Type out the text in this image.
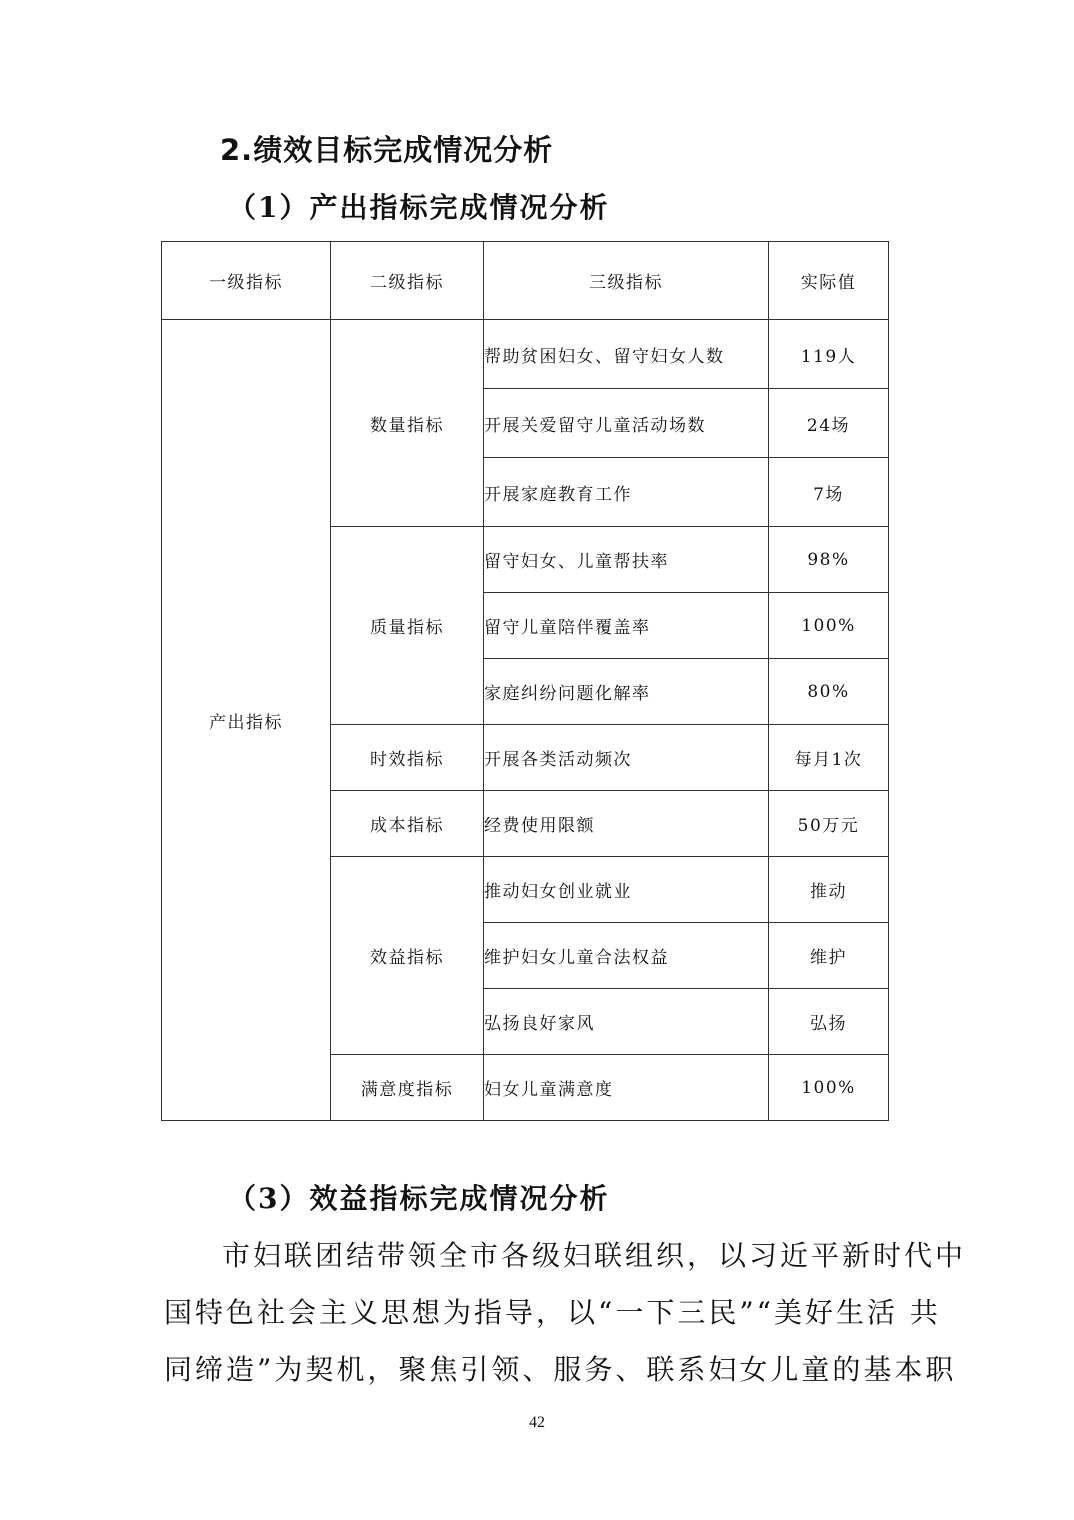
2.绩效目标完成情况分析
（1）产出指标完成情况分析
一级指标	二级指标	三级指标	实际值
产出指标	数量指标	帮助贫困妇女、留守妇女人数	119人
		开展关爱留守儿童活动场数	24场
		开展家庭教育工作	7场
	质量指标	留守妇女、儿童帮扶率	98%
		留守儿童陪伴覆盖率	100%
		家庭纠纷问题化解率	80%
	时效指标	开展各类活动频次	每月1次
	成本指标	经费使用限额	50万元
	效益指标	推动妇女创业就业	推动
		维护妇女儿童合法权益	维护
		弘扬良好家风	弘扬
	满意度指标	妇女儿童满意度	100%
（3）效益指标完成情况分析

市妇联团结带领全市各级妇联组织，以习近平新时代中

国特色社会主义思想为指导，以“一下三民”“美好生活 共

同缔造”为契机，聚焦引领、服务、联系妇女儿童的基本职

42
